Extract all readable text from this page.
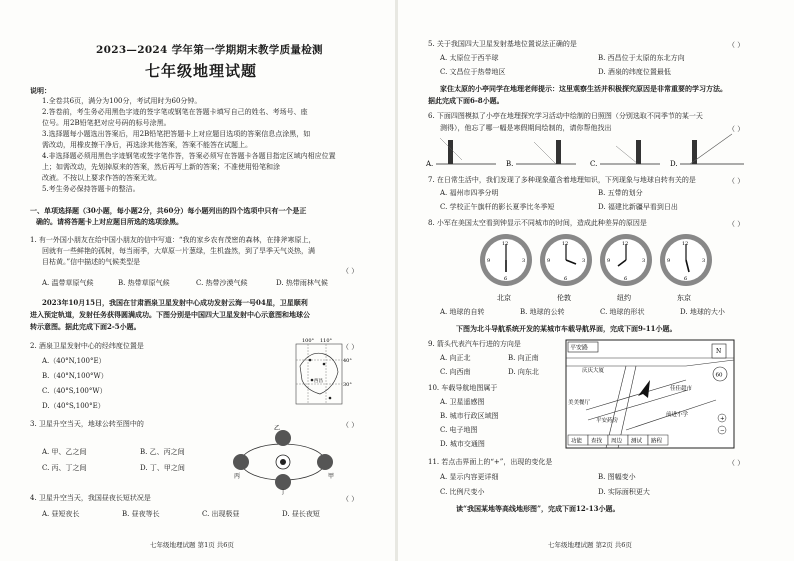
2023—2024 学年第一学期期末教学质量检测
七年级地理试题
说明：
1.全卷共6页，满分为100分，考试用时为60分钟。
2.答卷前，考生务必用黑色字迹的签字笔或钢笔在答题卡填写自己的姓名、考场号、座
位号。用2B铅笔把对应号码的标号涂黑。
3.选择题每小题选出答案后，用2B铅笔把答题卡上对应题目选项的答案信息点涂黑，如
需改动，用橡皮擦干净后，再选涂其他答案，答案不能答在试题上。
4.非选择题必须用黑色字迹钢笔或签字笔作答，答案必须写在答题卡各题目指定区域内相应位置
上；如需改动，先划掉原来的答案，然后再写上新的答案；不准使用铅笔和涂
改液。不按以上要求作答的答案无效。
5.考生务必保持答题卡的整洁。
一、单项选择题（30小题，每小题2分，共60分）每小题列出的四个选项中只有一个是正
确的。请将答题卡上对应题目所选的选项涂黑。
1. 有一外国小朋友在给中国小朋友的信中写道：“我的家乡农有茂密的森林，在排斧寒原上，
回就有一些鲜艳的孤树，每当雨季，大草原一片葱绿，生机盎然，到了旱季天气炎热，满
目枯黄。”信中描述的气候类型是
（ ）
A. 温带草原气候	B. 热带草原气候	C. 热带沙漠气候	D. 热带雨林气候
2023年10月15日，我国在甘肃酒泉卫星发射中心成功发射云海一号04星，卫星顺利
进入预定轨道，发射任务获得圆满成功。下图分别是中国四大卫星发射中心示意图和地球公
转示意图。据此完成下面2-5小题。
2. 酒泉卫星发射中心的经纬度位置是	（ ）
A.（40°N,100°E）
B.（40°N,100°W）
C.（40°S,100°W）
D.（40°S,100°E）
100° 110°
40°
30°
西昌
3. 卫星升空当天，地球公转至图中的	（ ）
乙
甲
丙
丁
A. 甲、乙之间	B. 乙、丙之间
C. 丙、丁之间	D. 丁、甲之间
4. 卫星升空当天，我国昼夜长短状况是	（ ）
A. 昼短夜长	B. 昼夜等长	C. 出现极昼	D. 昼长夜短
七年级地理试题 第1页 共6页
5. 关于我国四大卫星发射基地位置说法正确的是	（ ）
A. 太原位于西半球	B. 西昌位于太原的东北方向
C. 文昌位于热带地区	D. 酒泉的纬度位置最低
家住太原的小亭同学在地理老师提示：这里观察生活并积极探究原因是非常重要的学习方法。
据此完成下面6-8小题。
6. 下面四图模拟了小亭在地理探究学习活动中绘制的日照图（分别选取不同季节的某一天
测得），他忘了哪一幅是寒假期间绘制的，请你帮他找出	（ ）
A.	B.	C.	D.
7. 在日常生活中，我们发现了多种现象蕴含着地理知识，下列现象与地球自转有关的是	（ ）
A. 福州市四季分明	B. 五带的划分
C. 学校正午旗杆的影长夏季比冬季短	D. 福建比新疆早看到日出
8. 小军在美国太空看到钟显示不同城市的时间，造成此种差异的原因是	（ ）
12
3
6
9
北京
12
3
6
9
伦敦
12
3
6
9
纽约
12
3
6
9
东京
A. 地球的自转	B. 地球的公转	C. 地球的形状	D. 地球的大小
下图为北斗导航系统开发的某城市车载导航界面，完成下面9-11小题。
9. 箭头代表汽车行进的方向是
A. 向正北	B. 向正南
C. 向西南	D. 向东北
10. 车载导航地图属于
A. 卫星遥感图
B. 城市行政区域图
C. 电子地图
D. 城市交通图
平安路
庆庆大厦
佳佳超市
美美餐厅
平安药房
前进小学
N
60
+
−
功能 查找 周边 测试 路程
11. 若点击界面上的“+”，出现的变化是	（ ）
A. 显示内容更详细	B. 图幅变小
C. 比例尺变小	D. 实际面积更大
读“我国某地等高线地形图”，完成下面12-13小题。
七年级地理试题 第2页 共6页
